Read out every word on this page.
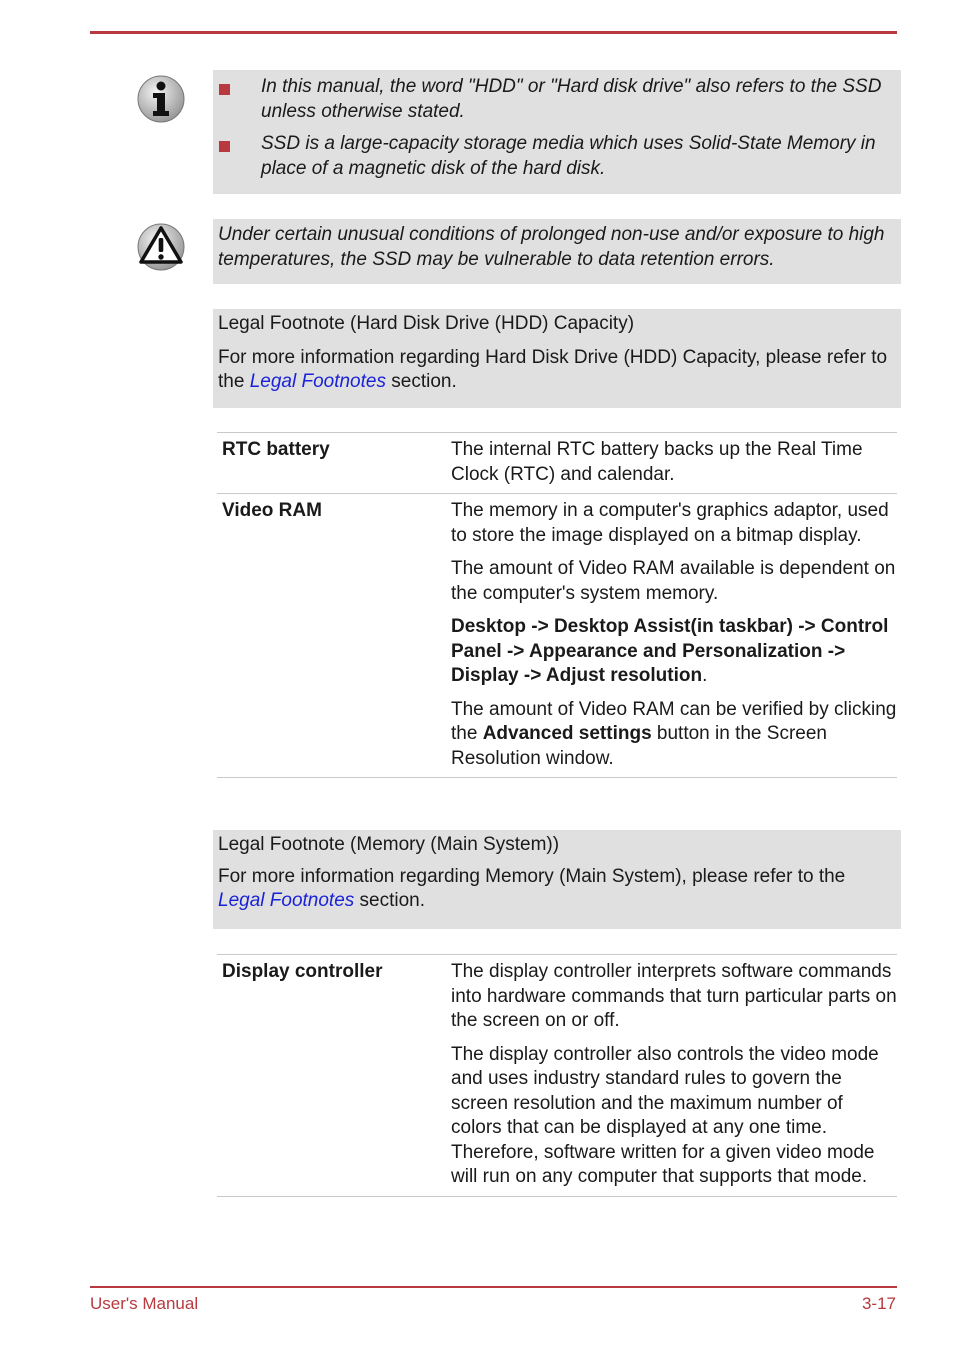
In this manual, the word "HDD" or "Hard disk drive" also refers to the SSD unless otherwise stated.

SSD is a large-capacity storage media which uses Solid-State Memory in place of a magnetic disk of the hard disk.

Under certain unusual conditions of prolonged non-use and/or exposure to high temperatures, the SSD may be vulnerable to data retention errors.

Legal Footnote (Hard Disk Drive (HDD) Capacity)

For more information regarding Hard Disk Drive (HDD) Capacity, please refer to the Legal Footnotes section.

RTC battery	The internal RTC battery backs up the Real Time Clock (RTC) and calendar.

Video RAM	The memory in a computer's graphics adaptor, used to store the image displayed on a bitmap display.

The amount of Video RAM available is dependent on the computer's system memory.

Desktop -> Desktop Assist(in taskbar) -> Control Panel -> Appearance and Personalization -> Display -> Adjust resolution.

The amount of Video RAM can be verified by clicking the Advanced settings button in the Screen Resolution window.

Legal Footnote (Memory (Main System))

For more information regarding Memory (Main System), please refer to the Legal Footnotes section.

Display controller	The display controller interprets software commands into hardware commands that turn particular parts on the screen on or off.

The display controller also controls the video mode and uses industry standard rules to govern the screen resolution and the maximum number of colors that can be displayed at any one time. Therefore, software written for a given video mode will run on any computer that supports that mode.

User's Manual	3-17
